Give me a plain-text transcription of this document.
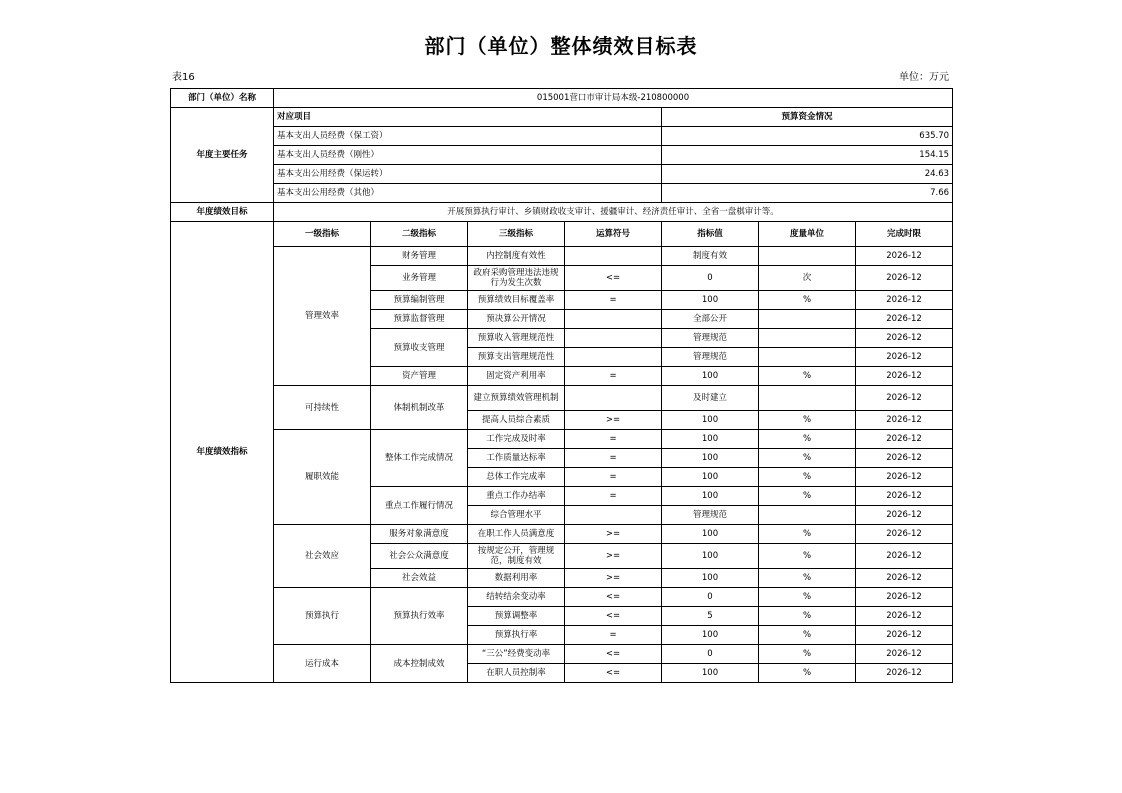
部门（单位）整体绩效目标表
表16	单位：万元
部门（单位）名称	015001营口市审计局本级-210800000						
年度主要任务	对应项目				预算资金情况		
	基本支出人员经费（保工资）				635.70		
	基本支出人员经费（刚性）				154.15		
	基本支出公用经费（保运转）				24.63		
	基本支出公用经费（其他）				7.66		
年度绩效目标	开展预算执行审计、乡镇财政收支审计、援疆审计、经济责任审计、全省一盘棋审计等。						
年度绩效指标	一级指标	二级指标	三级指标	运算符号	指标值	度量单位	完成时限
	管理效率	财务管理	内控制度有效性		制度有效		2026-12
		业务管理	政府采购管理违法违规行为发生次数	<=	0	次	2026-12
		预算编制管理	预算绩效目标覆盖率	=	100	%	2026-12
		预算监督管理	预决算公开情况		全部公开		2026-12
		预算收支管理	预算收入管理规范性		管理规范		2026-12
			预算支出管理规范性		管理规范		2026-12
		资产管理	固定资产利用率	=	100	%	2026-12
	可持续性	体制机制改革	建立预算绩效管理机制		及时建立		2026-12
			提高人员综合素质	>=	100	%	2026-12
	履职效能	整体工作完成情况	工作完成及时率	=	100	%	2026-12
			工作质量达标率	=	100	%	2026-12
			总体工作完成率	=	100	%	2026-12
		重点工作履行情况	重点工作办结率	=	100	%	2026-12
			综合管理水平		管理规范		2026-12
	社会效应	服务对象满意度	在职工作人员满意度	>=	100	%	2026-12
		社会公众满意度	按规定公开，管理规范，制度有效	>=	100	%	2026-12
		社会效益	数据利用率	>=	100	%	2026-12
	预算执行	预算执行效率	结转结余变动率	<=	0	%	2026-12
			预算调整率	<=	5	%	2026-12
			预算执行率	=	100	%	2026-12
	运行成本	成本控制成效	“三公”经费变动率	<=	0	%	2026-12
			在职人员控制率	<=	100	%	2026-12
